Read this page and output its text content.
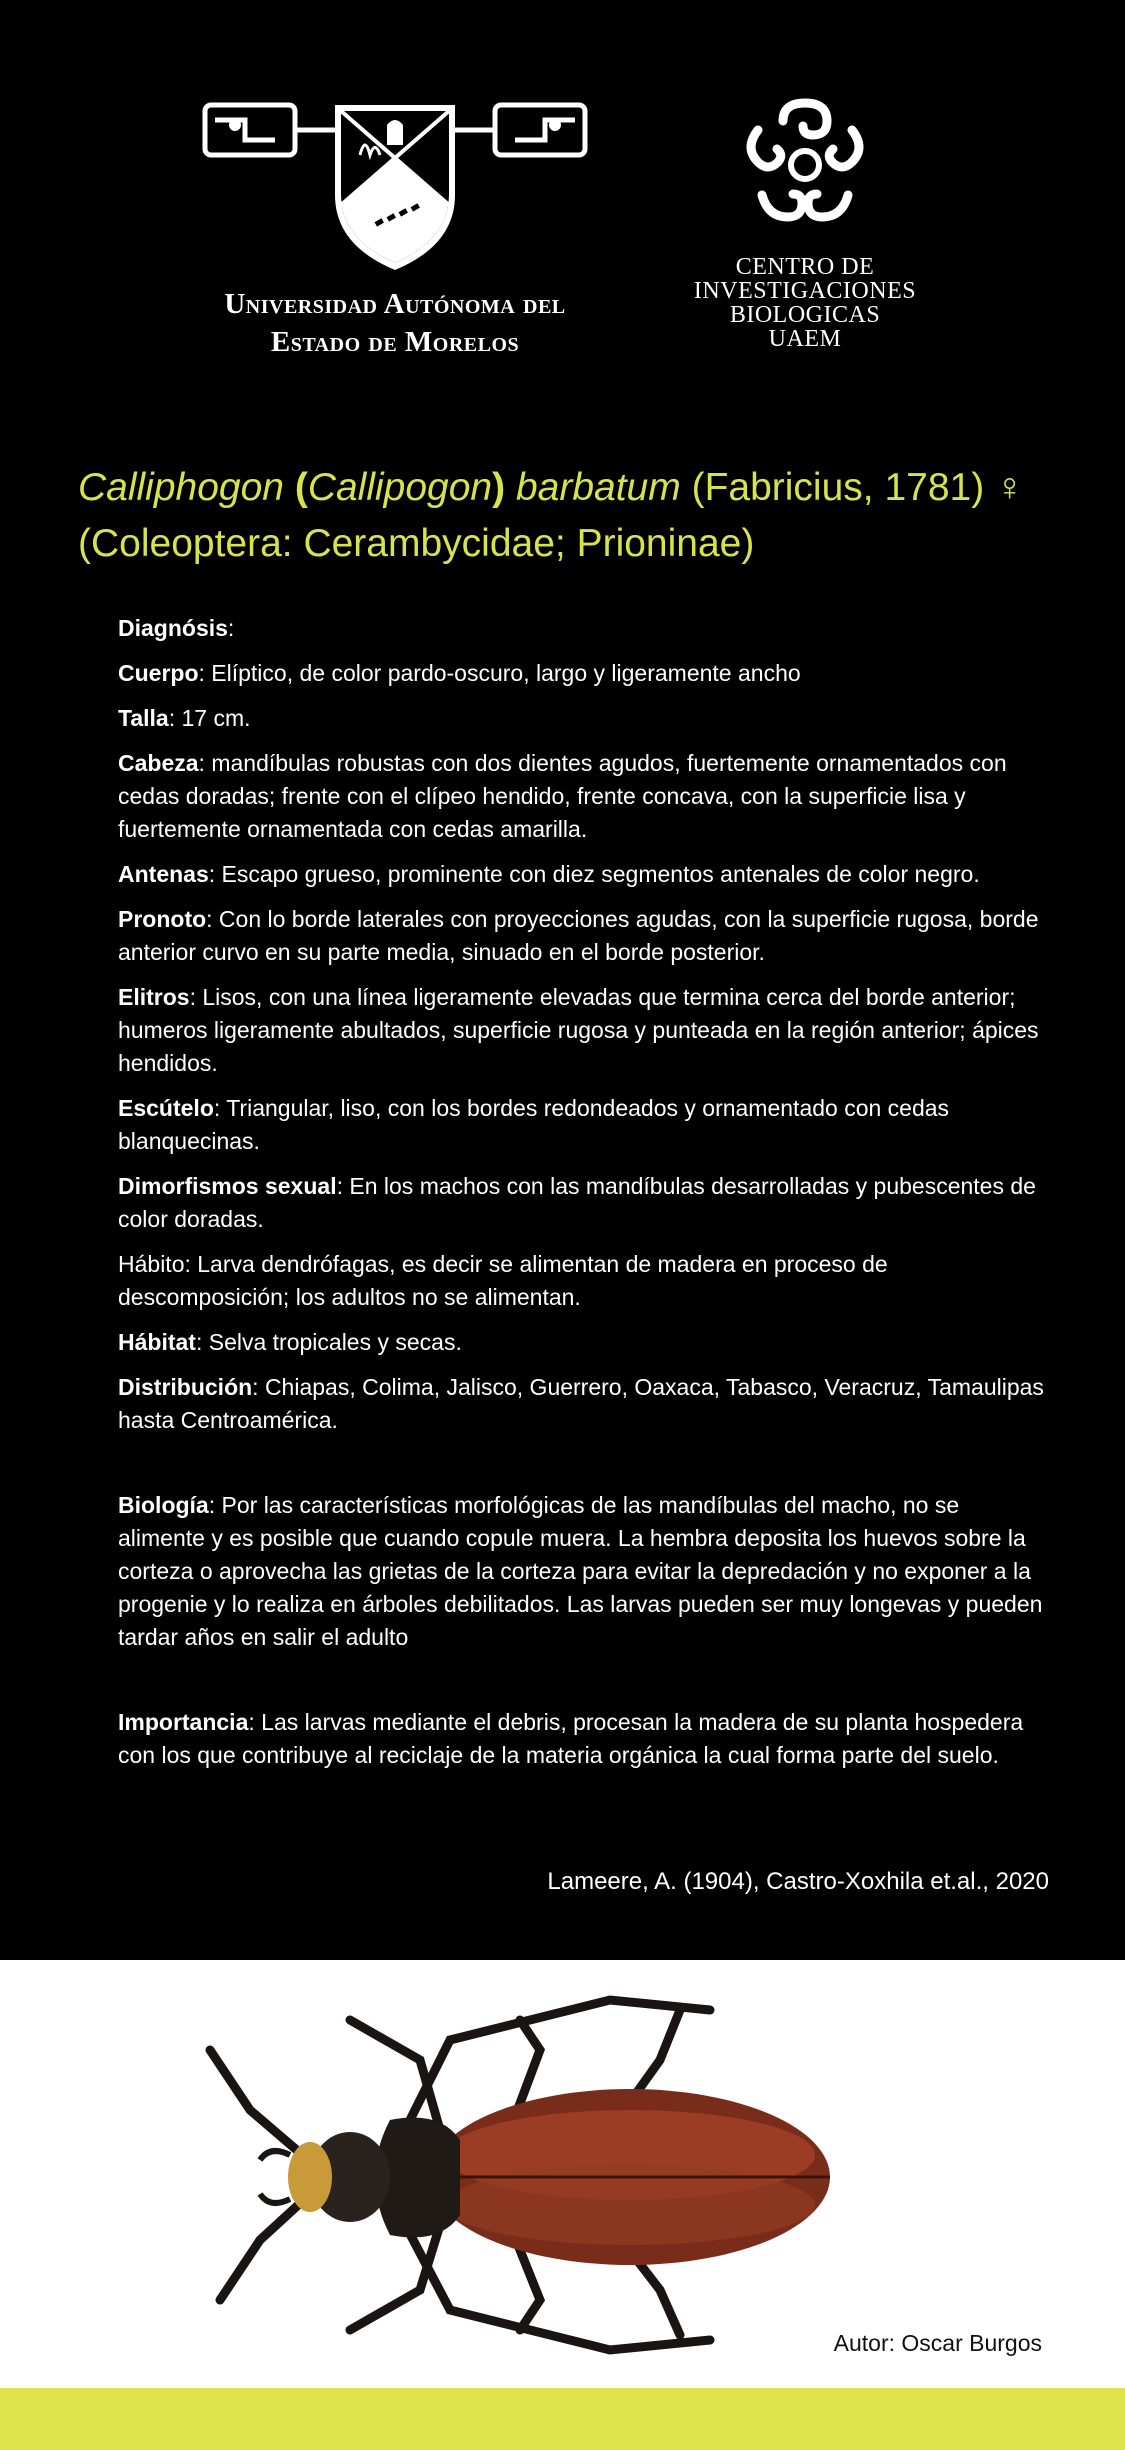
Universidad Autónoma del
Estado de Morelos
CENTRO DE
INVESTIGACIONES
BIOLOGICAS
UAEM
Calliphogon (Callipogon) barbatum (Fabricius, 1781) ♀
(Coleoptera: Cerambycidae; Prioninae)

Diagnósis:

Cuerpo: Elíptico, de color pardo-oscuro, largo y ligeramente ancho

Talla: 17 cm.

Cabeza: mandíbulas robustas con dos dientes agudos, fuertemente ornamentados con cedas doradas; frente con el clípeo hendido, frente concava, con la superficie lisa y fuertemente ornamentada con cedas amarilla.

Antenas: Escapo grueso, prominente con diez segmentos antenales de color negro.

Pronoto: Con lo borde laterales con proyecciones agudas, con la superficie rugosa, borde anterior curvo en su parte media, sinuado en el borde posterior.

Elitros: Lisos, con una línea ligeramente elevadas que termina cerca del borde anterior; humeros ligeramente abultados, superficie rugosa y punteada en la región anterior; ápices hendidos.

Escútelo: Triangular, liso, con los bordes redondeados y ornamentado con cedas blanquecinas.

Dimorfismos sexual: En los machos con las mandíbulas desarrolladas y pubescentes de color doradas.

Hábito: Larva dendrófagas, es decir se alimentan de madera en proceso de descomposición; los adultos no se alimentan.

Hábitat: Selva tropicales y secas.

Distribución: Chiapas, Colima, Jalisco, Guerrero, Oaxaca, Tabasco, Veracruz, Tamaulipas hasta Centroamérica.

Biología: Por las características morfológicas de las mandíbulas del macho, no se alimente y es posible que cuando copule muera. La hembra deposita los huevos sobre la corteza o aprovecha las grietas de la corteza para evitar la depredación y no exponer a la progenie y lo realiza en árboles debilitados. Las larvas pueden ser muy longevas y pueden tardar años en salir el adulto

Importancia: Las larvas mediante el debris, procesan la madera de su planta hospedera con los que contribuye al reciclaje de la materia orgánica la cual forma parte del suelo.

Lameere, A. (1904), Castro-Xoxhila et.al., 2020
Autor: Oscar Burgos
